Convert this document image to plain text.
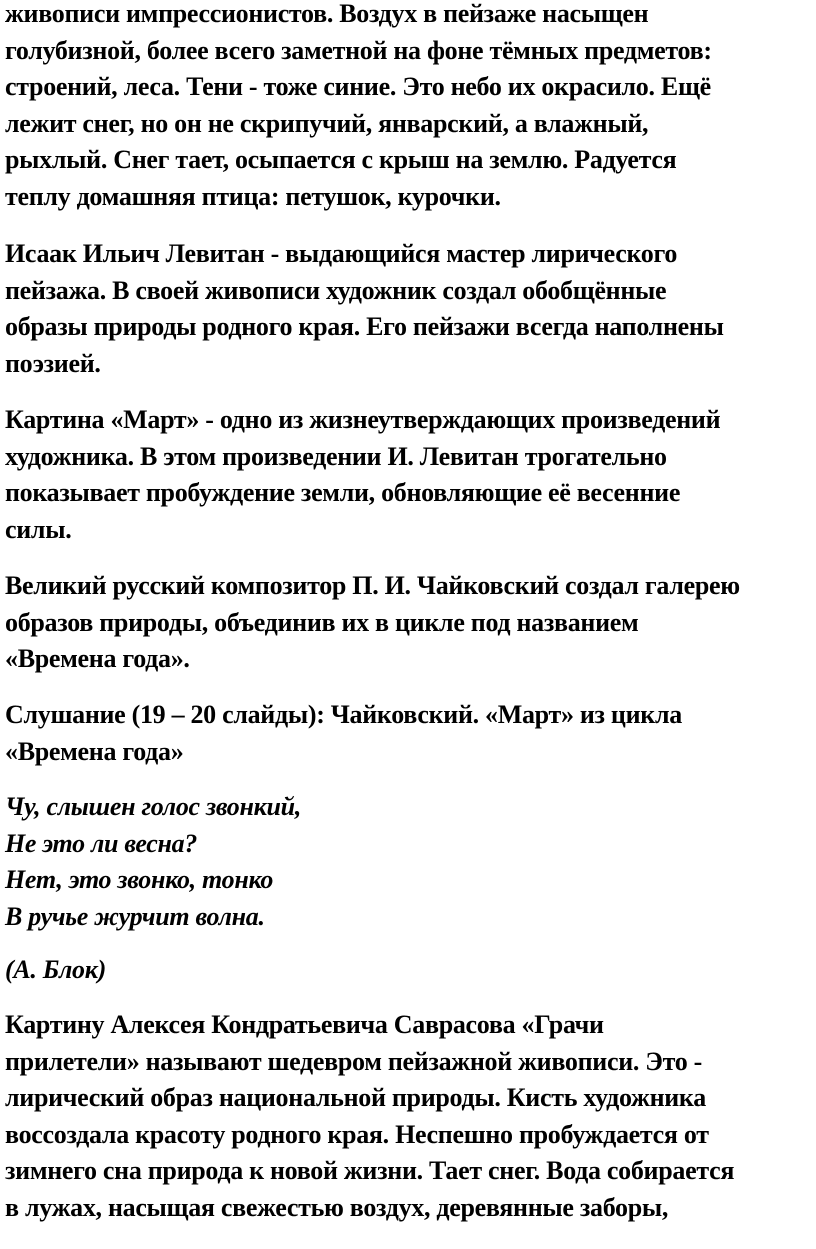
живописи импрессионистов. Воздух в пейзаже насыщен
голубизной, более всего заметной на фоне тёмных предметов:
строений, леса. Тени - тоже синие. Это небо их окрасило. Ещё
лежит снег, но он не скрипучий, январский, а влажный,
рыхлый. Снег тает, осыпается с крыш на землю. Радуется
теплу домашняя птица: петушок, курочки.
Исаак Ильич Левитан - выдающийся мастер лирического
пейзажа. В своей живописи художник создал обобщённые
образы природы родного края. Его пейзажи всегда наполнены
поэзией.
Картина «Март» - одно из жизнеутверждающих произведений
художника. В этом произведении И. Левитан трогательно
показывает пробуждение земли, обновляющие её весенние
силы.
Великий русский композитор П. И. Чайковский создал галерею
образов природы, объединив их в цикле под названием
«Времена года».
Слушание (19 – 20 слайды): Чайковский. «Март» из цикла
«Времена года»
Чу, слышен голос звонкий,
Не это ли весна?
Нет, это звонко, тонко
В ручье журчит волна.
(А. Блок)
Картину Алексея Кондратьевича Саврасова «Грачи
прилетели» называют шедевром пейзажной живописи. Это -
лирический образ национальной природы. Кисть художника
воссоздала красоту родного края. Неспешно пробуждается от
зимнего сна природа к новой жизни. Тает снег. Вода собирается
в лужах, насыщая свежестью воздух, деревянные заборы,
